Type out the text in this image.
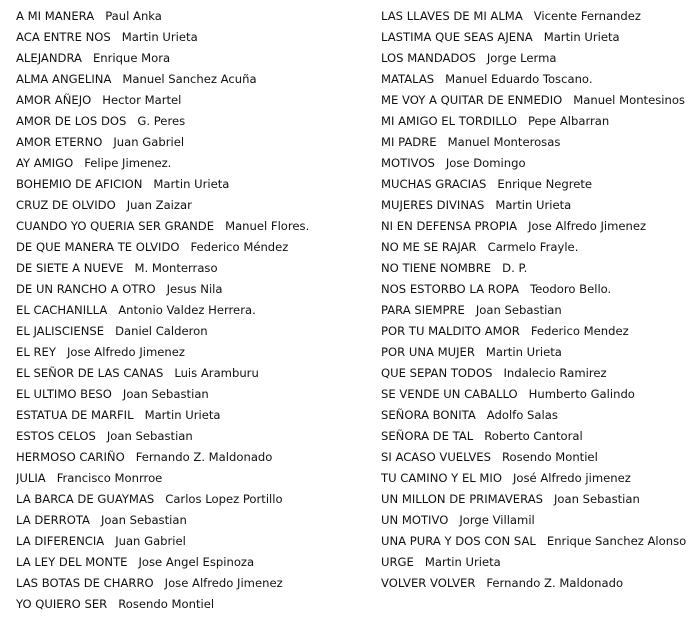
A MI MANERA Paul Anka
ACA ENTRE NOS Martin Urieta
ALEJANDRA Enrique Mora
ALMA ANGELINA Manuel Sanchez Acuña
AMOR AÑEJO Hector Martel
AMOR DE LOS DOS G. Peres
AMOR ETERNO Juan Gabriel
AY AMIGO Felipe Jimenez.
BOHEMIO DE AFICION Martin Urieta
CRUZ DE OLVIDO Juan Zaizar
CUANDO YO QUERIA SER GRANDE Manuel Flores.
DE QUE MANERA TE OLVIDO Federico Méndez
DE SIETE A NUEVE M. Monterraso
DE UN RANCHO A OTRO Jesus Nila
EL CACHANILLA Antonio Valdez Herrera.
EL JALISCIENSE Daniel Calderon
EL REY Jose Alfredo Jimenez
EL SEÑOR DE LAS CANAS Luis Aramburu
EL ULTIMO BESO Joan Sebastian
ESTATUA DE MARFIL Martin Urieta
ESTOS CELOS Joan Sebastian
HERMOSO CARIÑO Fernando Z. Maldonado
JULIA Francisco Monrroe
LA BARCA DE GUAYMAS Carlos Lopez Portillo
LA DERROTA Joan Sebastian
LA DIFERENCIA Juan Gabriel
LA LEY DEL MONTE Jose Angel Espinoza
LAS BOTAS DE CHARRO Jose Alfredo Jimenez
YO QUIERO SER Rosendo Montiel
LAS LLAVES DE MI ALMA Vicente Fernandez
LASTIMA QUE SEAS AJENA Martin Urieta
LOS MANDADOS Jorge Lerma
MATALAS Manuel Eduardo Toscano.
ME VOY A QUITAR DE ENMEDIO Manuel Montesinos
MI AMIGO EL TORDILLO Pepe Albarran
MI PADRE Manuel Monterosas
MOTIVOS Jose Domingo
MUCHAS GRACIAS Enrique Negrete
MUJERES DIVINAS Martin Urieta
NI EN DEFENSA PROPIA Jose Alfredo Jimenez
NO ME SE RAJAR Carmelo Frayle.
NO TIENE NOMBRE D. P.
NOS ESTORBO LA ROPA Teodoro Bello.
PARA SIEMPRE Joan Sebastian
POR TU MALDITO AMOR Federico Mendez
POR UNA MUJER Martin Urieta
QUE SEPAN TODOS Indalecio Ramirez
SE VENDE UN CABALLO Humberto Galindo
SEÑORA BONITA Adolfo Salas
SEÑORA DE TAL Roberto Cantoral
SI ACASO VUELVES Rosendo Montiel
TU CAMINO Y EL MIO José Alfredo jimenez
UN MILLON DE PRIMAVERAS Joan Sebastian
UN MOTIVO Jorge Villamil
UNA PURA Y DOS CON SAL Enrique Sanchez Alonso
URGE Martin Urieta
VOLVER VOLVER Fernando Z. Maldonado
